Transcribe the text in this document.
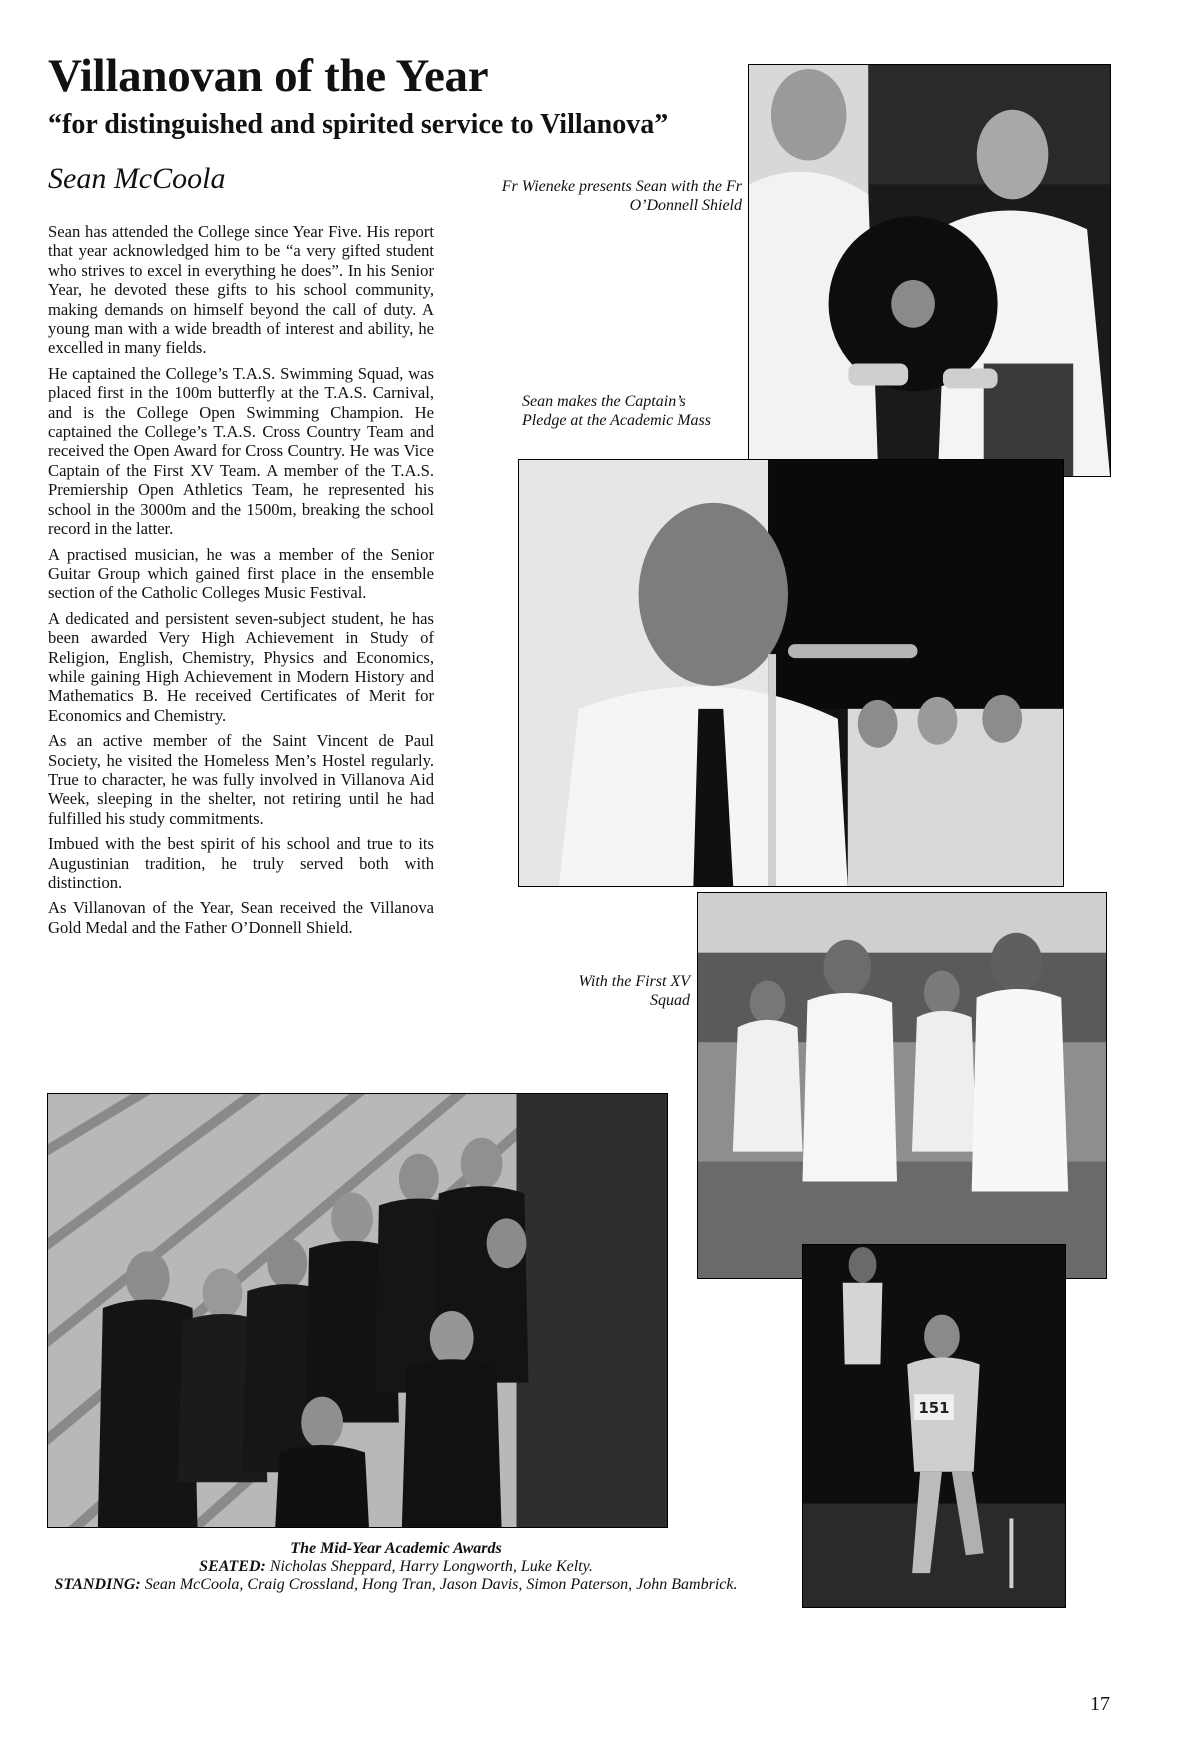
Villanovan of the Year
“for distinguished and spirited service to Villanova”
Sean McCoola

Sean has attended the College since Year Five. His report that year acknowledged him to be “a very gifted student who strives to excel in everything he does”. In his Senior Year, he devoted these gifts to his school community, making demands on himself beyond the call of duty. A young man with a wide breadth of interest and ability, he excelled in many fields.

He captained the College’s T.A.S. Swimming Squad, was placed first in the 100m butterfly at the T.A.S. Carnival, and is the College Open Swimming Champion. He captained the College’s T.A.S. Cross Country Team and received the Open Award for Cross Country. He was Vice Captain of the First XV Team. A member of the T.A.S. Premiership Open Athletics Team, he represented his school in the 3000m and the 1500m, breaking the school record in the latter.

A practised musician, he was a member of the Senior Guitar Group which gained first place in the ensemble section of the Catholic Colleges Music Festival.

A dedicated and persistent seven-subject student, he has been awarded Very High Achievement in Study of Religion, English, Chemistry, Physics and Economics, while gaining High Achievement in Modern History and Mathematics B. He received Certificates of Merit for Economics and Chemistry.

As an active member of the Saint Vincent de Paul Society, he visited the Homeless Men’s Hostel regularly. True to character, he was fully involved in Villanova Aid Week, sleeping in the shelter, not retiring until he had fulfilled his study commitments.

Imbued with the best spirit of his school and true to its Augustinian tradition, he truly served both with distinction.

As Villanovan of the Year, Sean received the Villanova Gold Medal and the Father O’Donnell Shield.

Fr Wieneke presents Sean with the Fr O’Donnell Shield
Sean makes the Captain’s Pledge at the Academic Mass
With the First XV Squad
151
The Mid-Year Academic Awards
SEATED: Nicholas Sheppard, Harry Longworth, Luke Kelty.
STANDING: Sean McCoola, Craig Crossland, Hong Tran, Jason Davis, Simon Paterson, John Bambrick.
17
